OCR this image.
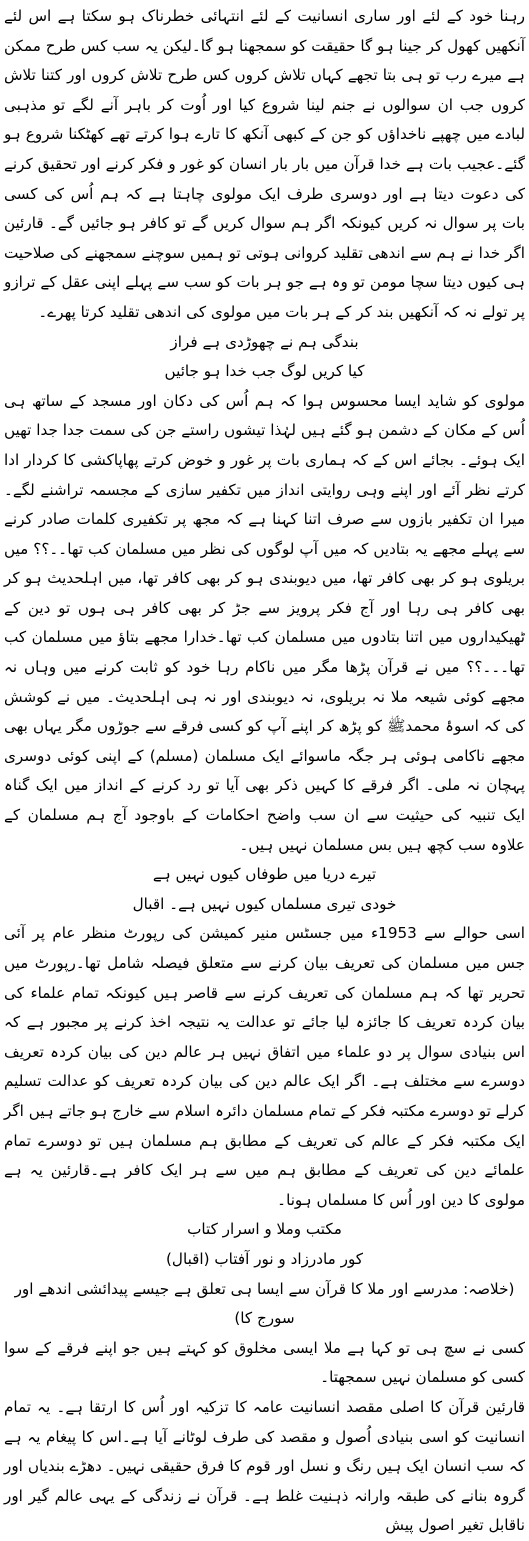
رہنا خود کے لئے اور ساری انسانیت کے لئے انتہائی خطرناک ہو سکتا ہے اس لئے آنکھیں کھول کر جینا ہو گا حقیقت کو سمجھنا ہو گا۔لیکن یہ سب کس طرح ممکن ہے میرے رب تو ہی بتا تجھے کہاں تلاش کروں کس طرح تلاش کروں اور کتنا تلاش کروں جب ان سوالوں نے جنم لینا شروع کیا اور اُوت کر باہر آنے لگے تو مذہبی لبادے میں چھپے ناخداؤں کو جن کے کبھی آنکھ کا تارے ہوا کرتے تھے کھٹکنا شروع ہو گئے۔عجیب بات ہے خدا قرآن میں بار بار انسان کو غور و فکر کرنے اور تحقیق کرنے کی دعوت دیتا ہے اور دوسری طرف ایک مولوی چاہتا ہے کہ ہم اُس کی کسی بات پر سوال نہ کریں کیونکہ اگر ہم سوال کریں گے تو کافر ہو جائیں گے۔ قارئین اگر خدا نے ہم سے اندھی تقلید کروانی ہوتی تو ہمیں سوچنے سمجھنے کی صلاحیت ہی کیوں دیتا سچا مومن تو وہ ہے جو ہر بات کو سب سے پہلے اپنی عقل کے ترازو پر تولے نہ کہ آنکھیں بند کر کے ہر بات میں مولوی کی اندھی تقلید کرتا پھرے۔

بندگی ہم نے چھوڑدی ہے فراز
کیا کریں لوگ جب خدا ہو جائیں

مولوی کو شاید ایسا محسوس ہوا کہ ہم اُس کی دکان اور مسجد کے ساتھ ہی اُس کے مکان کے دشمن ہو گئے ہیں لہٰذا تیشوں راستے جن کی سمت جدا جدا تھیں ایک ہوئے۔ بجائے اس کے کہ ہماری بات پر غور و خوض کرتے پھاپاکشی کا کردار ادا کرتے نظر آئے اور اپنے وہی روایتی انداز میں تکفیر سازی کے مجسمہ تراشنے لگے۔میرا ان تکفیر بازوں سے صرف اتنا کہنا ہے کہ مجھ پر تکفیری کلمات صادر کرنے سے پہلے مجھے یہ بتادیں کہ میں آپ لوگوں کی نظر میں مسلمان کب تھا۔۔؟؟ میں بریلوی ہو کر بھی کافر تھا، میں دیوبندی ہو کر بھی کافر تھا، میں اہلحدیث ہو کر بھی کافر ہی رہا اور آج فکر پرویز سے جڑ کر بھی کافر ہی ہوں تو دین کے ٹھیکیداروں میں اتنا بتادوں میں مسلمان کب تھا۔خدارا مجھے بتاؤ میں مسلمان کب تھا۔۔۔؟؟ میں نے قرآن پڑھا مگر میں ناکام رہا خود کو ثابت کرنے میں وہاں نہ مجھے کوئی شیعہ ملا نہ بریلوی، نہ دیوبندی اور نہ ہی اہلحدیث۔ میں نے کوشش کی کہ اسوۂ محمدﷺ کو پڑھ کر اپنے آپ کو کسی فرقے سے جوڑوں مگر یہاں بھی مجھے ناکامی ہوئی ہر جگہ ماسوائے ایک مسلمان (مسلم) کے اپنی کوئی دوسری پہچان نہ ملی۔ اگر فرقے کا کہیں ذکر بھی آیا تو رد کرنے کے انداز میں ایک گناہ ایک تنبیہ کی حیثیت سے ان سب واضح احکامات کے باوجود آج ہم مسلمان کے علاوہ سب کچھ ہیں بس مسلمان نہیں ہیں۔

تیرے دریا میں طوفاں کیوں نہیں ہے
خودی تیری مسلماں کیوں نہیں ہے۔ اقبال

اسی حوالے سے 1953ء میں جسٹس منیر کمیشن کی رپورٹ منظر عام پر آئی جس میں مسلمان کی تعریف بیان کرنے سے متعلق فیصلہ شامل تھا۔رپورٹ میں تحریر تھا کہ ہم مسلمان کی تعریف کرنے سے قاصر ہیں کیونکہ تمام علماء کی بیان کردہ تعریف کا جائزہ لیا جائے تو عدالت یہ نتیجہ اخذ کرنے پر مجبور ہے کہ اس بنیادی سوال پر دو علماء میں اتفاق نہیں ہر عالم دین کی بیان کردہ تعریف دوسرے سے مختلف ہے۔ اگر ایک عالم دین کی بیان کردہ تعریف کو عدالت تسلیم کرلے تو دوسرے مکتبہ فکر کے تمام مسلمان دائرہ اسلام سے خارج ہو جاتے ہیں اگر ایک مکتبہ فکر کے عالم کی تعریف کے مطابق ہم مسلمان ہیں تو دوسرے تمام علمائے دین کی تعریف کے مطابق ہم میں سے ہر ایک کافر ہے۔قارئین یہ ہے مولوی کا دین اور اُس کا مسلماں ہونا۔

مکتب وملا و اسرار کتاب
کور مادرزاد و نور آفتاب (اقبال)
(خلاصہ: مدرسے اور ملا کا قرآن سے ایسا ہی تعلق ہے جیسے پیدائشی اندھے اور سورج کا)

کسی نے سچ ہی تو کہا ہے ملا ایسی مخلوق کو کہتے ہیں جو اپنے فرقے کے سوا کسی کو مسلمان نہیں سمجھتا۔

قارئین قرآن کا اصلی مقصد انسانیت عامہ کا تزکیہ اور اُس کا ارتقا ہے۔ یہ تمام انسانیت کو اسی بنیادی اُصول و مقصد کی طرف لوٹانے آیا ہے۔اس کا پیغام یہ ہے کہ سب انسان ایک ہیں رنگ و نسل اور قوم کا فرق حقیقی نہیں۔ دھڑے بندیاں اور گروہ بنانے کی طبقہ وارانہ ذہنیت غلط ہے۔ قرآن نے زندگی کے یہی عالم گیر اور ناقابل تغیر اصول پیش
